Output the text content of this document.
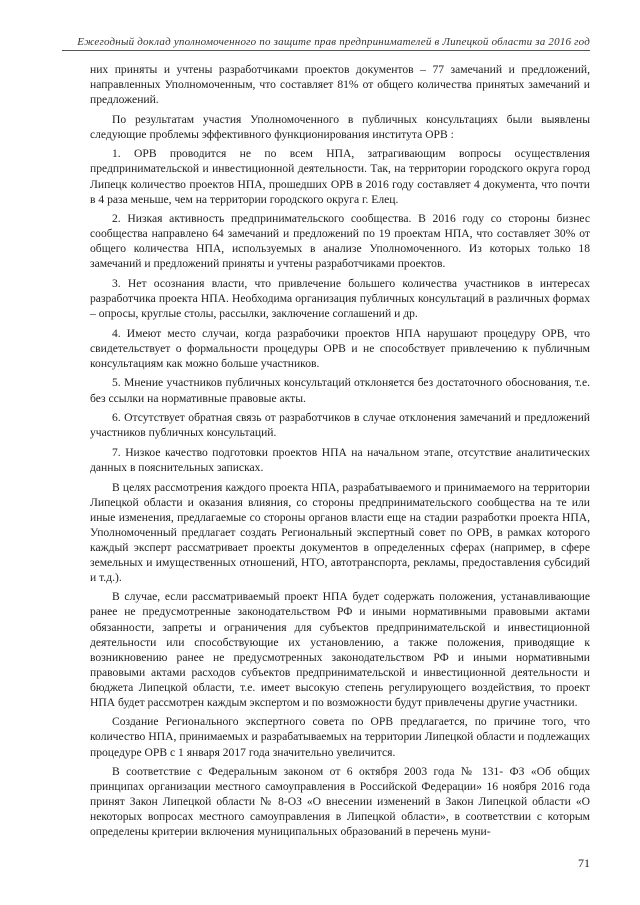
Ежегодный доклад уполномоченного по защите прав предпринимателей в Липецкой области за 2016 год

них приняты и учтены разработчиками проектов документов – 77 замечаний и предложений, направленных Уполномоченным, что составляет 81% от общего количества принятых замечаний и предложений.

По результатам участия Уполномоченного в публичных консультациях были выявлены следующие проблемы эффективного функционирования института ОРВ :

1. ОРВ проводится не по всем НПА, затрагивающим вопросы осуществления предпринимательской и инвестиционной деятельности. Так, на территории городского округа город Липецк количество проектов НПА, прошедших ОРВ в 2016 году составляет 4 документа, что почти в 4 раза меньше, чем на территории городского округа г. Елец.

2. Низкая активность предпринимательского сообщества. В 2016 году со стороны бизнес сообщества направлено 64 замечаний и предложений по 19 проектам НПА, что составляет 30% от общего количества НПА, используемых в анализе Уполномоченного. Из которых только 18 замечаний и предложений приняты и учтены разработчиками проектов.

3. Нет осознания власти, что привлечение большего количества участников в интересах разработчика проекта НПА. Необходима организация публичных консультаций в различных формах – опросы, круглые столы, рассылки, заключение соглашений и др.

4. Имеют место случаи, когда разрабочики проектов НПА нарушают процедуру ОРВ, что свидетельствует о формальности процедуры ОРВ и не способствует привлечению к публичным консультациям как можно больше участников.

5. Мнение участников публичных консультаций отклоняется без достаточного обоснования, т.е. без ссылки на нормативные правовые акты.

6. Отсутствует обратная связь от разработчиков в случае отклонения замечаний и предложений участников публичных консультаций.

7. Низкое качество подготовки проектов НПА на начальном этапе, отсутствие аналитических данных в пояснительных записках.

В целях рассмотрения каждого проекта НПА, разрабатываемого и принимаемого на территории Липецкой области и оказания влияния, со стороны предпринимательского сообщества на те или иные изменения, предлагаемые со стороны органов власти еще на стадии разработки проекта НПА, Уполномоченный предлагает создать Региональный экспертный совет по ОРВ, в рамках которого каждый эксперт рассматривает проекты документов в определенных сферах (например, в сфере земельных и имущественных отношений, НТО, автотранспорта, рекламы, предоставления субсидий и т.д.).

В случае, если рассматриваемый проект НПА будет содержать положения, устанавливающие ранее не предусмотренные законодательством РФ и иными нормативными правовыми актами обязанности, запреты и ограничения для субъектов предпринимательской и инвестиционной деятельности или способствующие их установлению, а также положения, приводящие к возникновению ранее не предусмотренных законодательством РФ и иными нормативными правовыми актами расходов субъектов предпринимательской и инвестиционной деятельности и бюджета Липецкой области, т.е. имеет высокую степень регулирующего воздействия, то проект НПА будет рассмотрен каждым экспертом и по возможности будут привлечены другие участники.

Создание Регионального экспертного совета по ОРВ предлагается, по причине того, что количество НПА, принимаемых и разрабатываемых на территории Липецкой области и подлежащих процедуре ОРВ с 1 января 2017 года значительно увеличится.

В соответствие с Федеральным законом от 6 октября 2003 года № 131- ФЗ «Об общих принципах организации местного самоуправления в Российской Федерации» 16 ноября 2016 года принят Закон Липецкой области № 8-ОЗ «О внесении изменений в Закон Липецкой области «О некоторых вопросах местного самоуправления в Липецкой области», в соответствии с которым определены критерии включения муниципальных образований в перечень муни-

71
